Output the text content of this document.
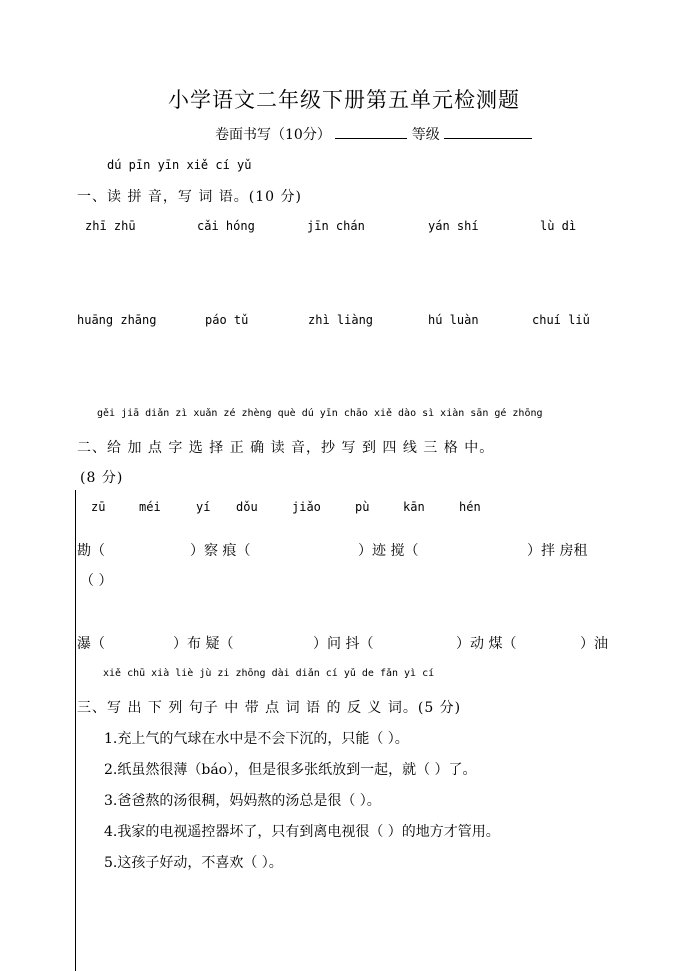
小学语文二年级下册第五单元检测题
卷面书写（10分）	等级
dú pīn yīn xiě cí yǔ
一、读 拼 音，写 词 语。(10 分)
zhī zhū	cǎi hóng	jīn chán	yán shí	lù dì
huāng zhāng	páo tǔ	zhì liàng	hú luàn	chuí liǔ
gěi jiā diǎn zì xuǎn zé zhèng què dú yīn chāo xiě dào sì xiàn sān gé zhōng
二、给 加 点 字 选 择 正 确 读 音，抄 写 到 四 线 三 格 中。
(8 分)
zū	méi	yí dǒu	jiǎo	pù	kān	hén
勘（	）察 痕（	）迹 搅（	）拌 房租
（ ）
瀑（	）布 疑（	）问 抖（	）动 煤（	）油
xiě chū xià liè jù zi zhōng dài diǎn cí yǔ de fǎn yì cí
三、写 出 下 列 句子 中 带 点 词 语 的 反 义 词。(5 分)
1.充上气的气球在水中是不会下沉的，只能（ ）。
2.纸虽然很薄（báo），但是很多张纸放到一起，就（ ）了。
3.爸爸熬的汤很稠，妈妈熬的汤总是很（ ）。
4.我家的电视遥控器坏了，只有到离电视很（ ）的地方才管用。
5.这孩子好动，不喜欢（ ）。
